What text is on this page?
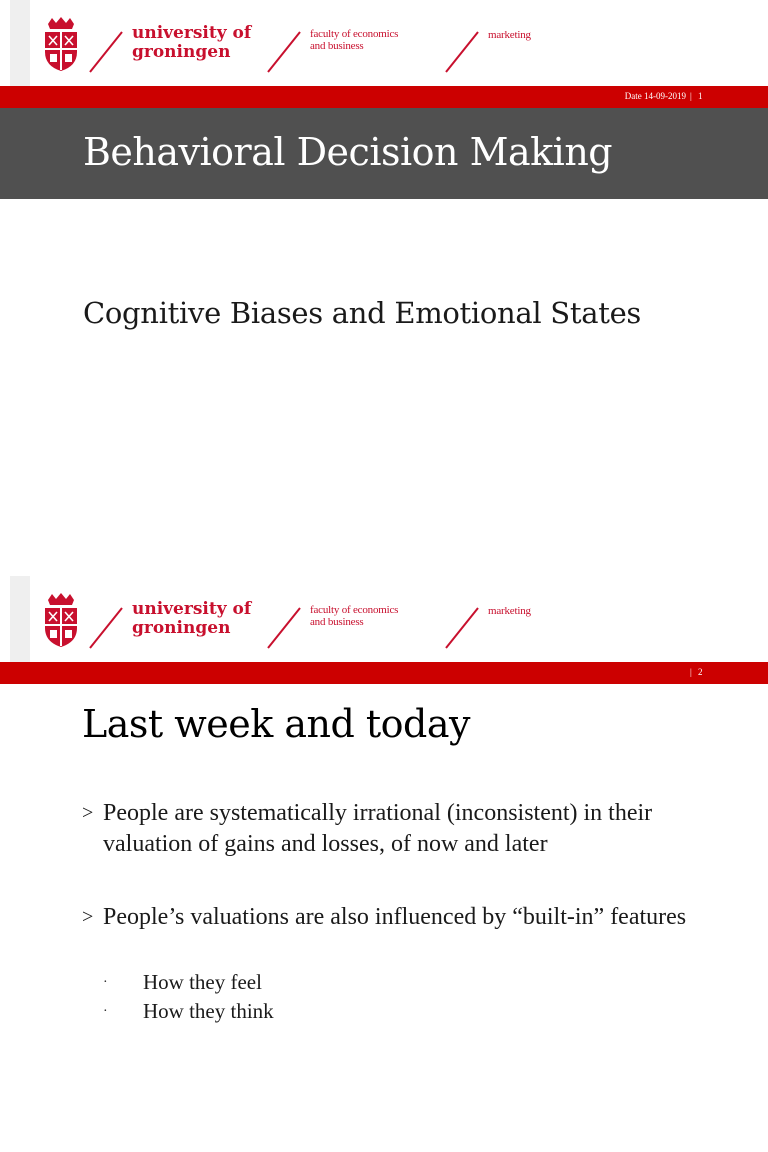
university of
groningen
faculty of economics
and business
marketing
Date 14-09-2019 | 1
Behavioral Decision Making
Cognitive Biases and Emotional States
university of
groningen
faculty of economics
and business
marketing
| 2
Last week and today
> People are systematically irrational (inconsistent) in their valuation of gains and losses, of now and later
> People’s valuations are also influenced by “built-in” features
· How they feel
· How they think
